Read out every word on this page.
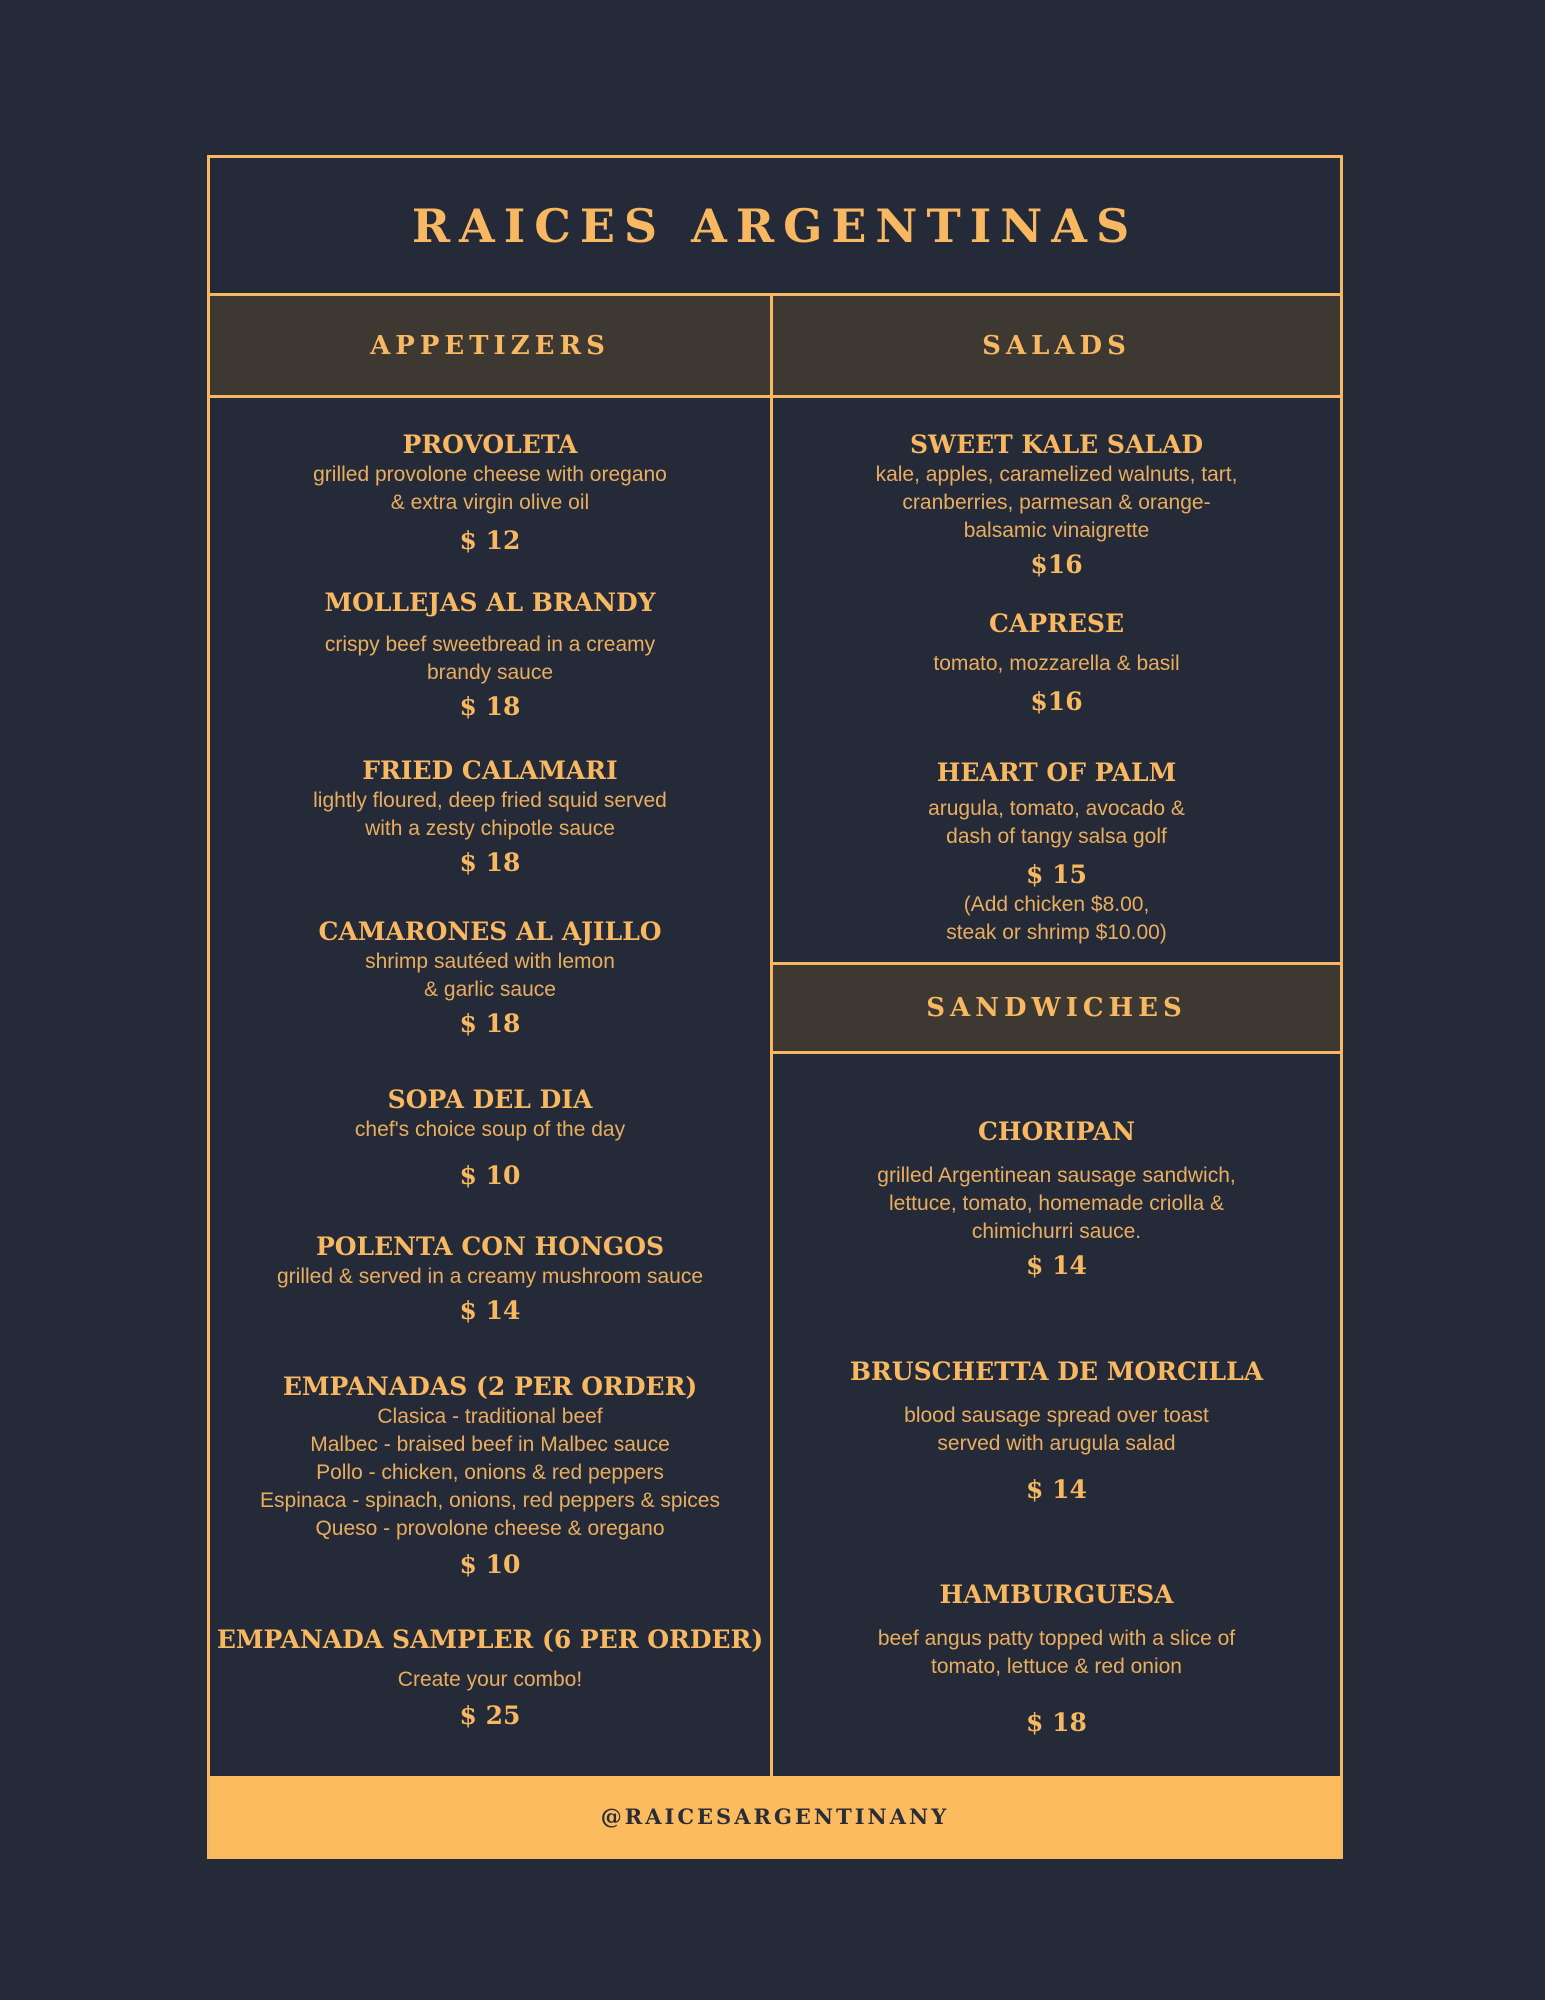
RAICES ARGENTINAS
APPETIZERS
PROVOLETA
grilled provolone cheese with oregano
& extra virgin olive oil
$ 12
MOLLEJAS AL BRANDY
crispy beef sweetbread in a creamy
brandy sauce
$ 18
FRIED CALAMARI
lightly floured, deep fried squid served
with a zesty chipotle sauce
$ 18
CAMARONES AL AJILLO
shrimp sautéed with lemon
& garlic sauce
$ 18
SOPA DEL DIA
chef's choice soup of the day
$ 10
POLENTA CON HONGOS
grilled & served in a creamy mushroom sauce
$ 14
EMPANADAS (2 PER ORDER)
Clasica - traditional beef
Malbec - braised beef in Malbec sauce
Pollo - chicken, onions & red peppers
Espinaca - spinach, onions, red peppers & spices
Queso - provolone cheese & oregano
$ 10
EMPANADA SAMPLER (6 PER ORDER)
Create your combo!
$ 25
SALADS
SWEET KALE SALAD
kale, apples, caramelized walnuts, tart,
cranberries, parmesan & orange-
balsamic vinaigrette
$16
CAPRESE
tomato, mozzarella & basil
$16
HEART OF PALM
arugula, tomato, avocado &
dash of tangy salsa golf
$ 15
(Add chicken $8.00,
steak or shrimp $10.00)
SANDWICHES
CHORIPAN
grilled Argentinean sausage sandwich,
lettuce, tomato, homemade criolla &
chimichurri sauce.
$ 14
BRUSCHETTA DE MORCILLA
blood sausage spread over toast
served with arugula salad
$ 14
HAMBURGUESA
beef angus patty topped with a slice of
tomato, lettuce & red onion
$ 18
@RAICESARGENTINANY
